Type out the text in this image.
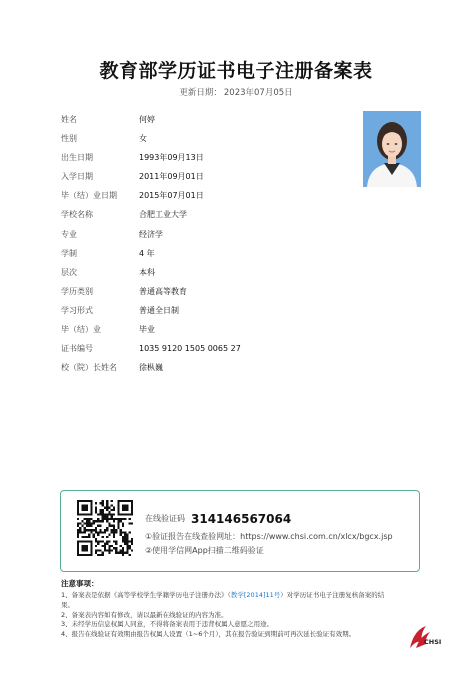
教育部学历证书电子注册备案表
更新日期： 2023年07月05日
姓名	何婷
性别	女
出生日期	1993年09月13日
入学日期	2011年09月01日
毕（结）业日期	2015年07月01日
学校名称	合肥工业大学
专业	经济学
学制	4 年
层次	本科
学历类别	普通高等教育
学习形式	普通全日制
毕（结）业	毕业
证书编号	1035 9120 1505 0065 27
校（院）长姓名	徐枞巍
在线验证码 314146567064
①验证报告在线查验网址：https://www.chsi.com.cn/xlcx/bgcx.jsp
②使用学信网App扫描二维码验证
注意事项：
1、备案表是依据《高等学校学生学籍学历电子注册办法》（教学[2014]11号）对学历证书电子注册复核备案的结
果。
2、备案表内容如有修改，请以最新在线验证的内容为准。
3、未经学历信息权属人同意，不得将备案表用于违背权属人意愿之用途。
4、报告在线验证有效期由报告权属人设置（1~6个月），其在报告验证到期前可再次延长验证有效期。
CHSI
